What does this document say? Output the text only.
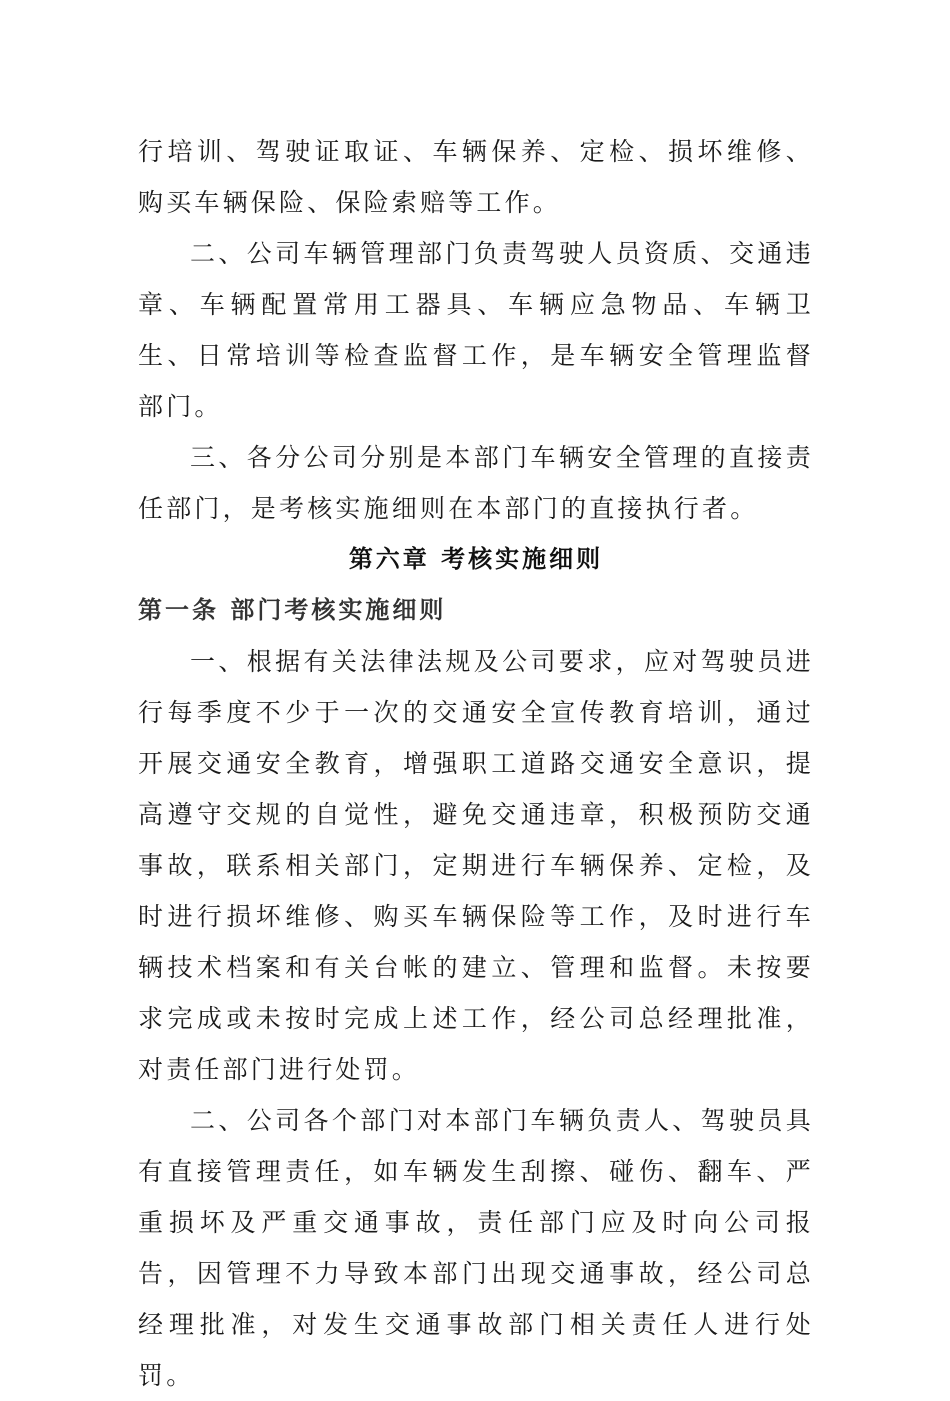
行培训、驾驶证取证、车辆保养、定检、损坏维修、购买车辆保险、保险索赔等工作。

二、公司车辆管理部门负责驾驶人员资质、交通违章、车辆配置常用工器具、车辆应急物品、车辆卫生、日常培训等检查监督工作，是车辆安全管理监督部门。

三、各分公司分别是本部门车辆安全管理的直接责任部门，是考核实施细则在本部门的直接执行者。

第六章 考核实施细则

第一条 部门考核实施细则

一、根据有关法律法规及公司要求，应对驾驶员进行每季度不少于一次的交通安全宣传教育培训，通过开展交通安全教育，增强职工道路交通安全意识，提高遵守交规的自觉性，避免交通违章，积极预防交通事故，联系相关部门，定期进行车辆保养、定检，及时进行损坏维修、购买车辆保险等工作，及时进行车辆技术档案和有关台帐的建立、管理和监督。未按要求完成或未按时完成上述工作，经公司总经理批准，对责任部门进行处罚。

二、公司各个部门对本部门车辆负责人、驾驶员具有直接管理责任，如车辆发生刮擦、碰伤、翻车、严重损坏及严重交通事故，责任部门应及时向公司报告，因管理不力导致本部门出现交通事故，经公司总经理批准，对发生交通事故部门相关责任人进行处罚。
